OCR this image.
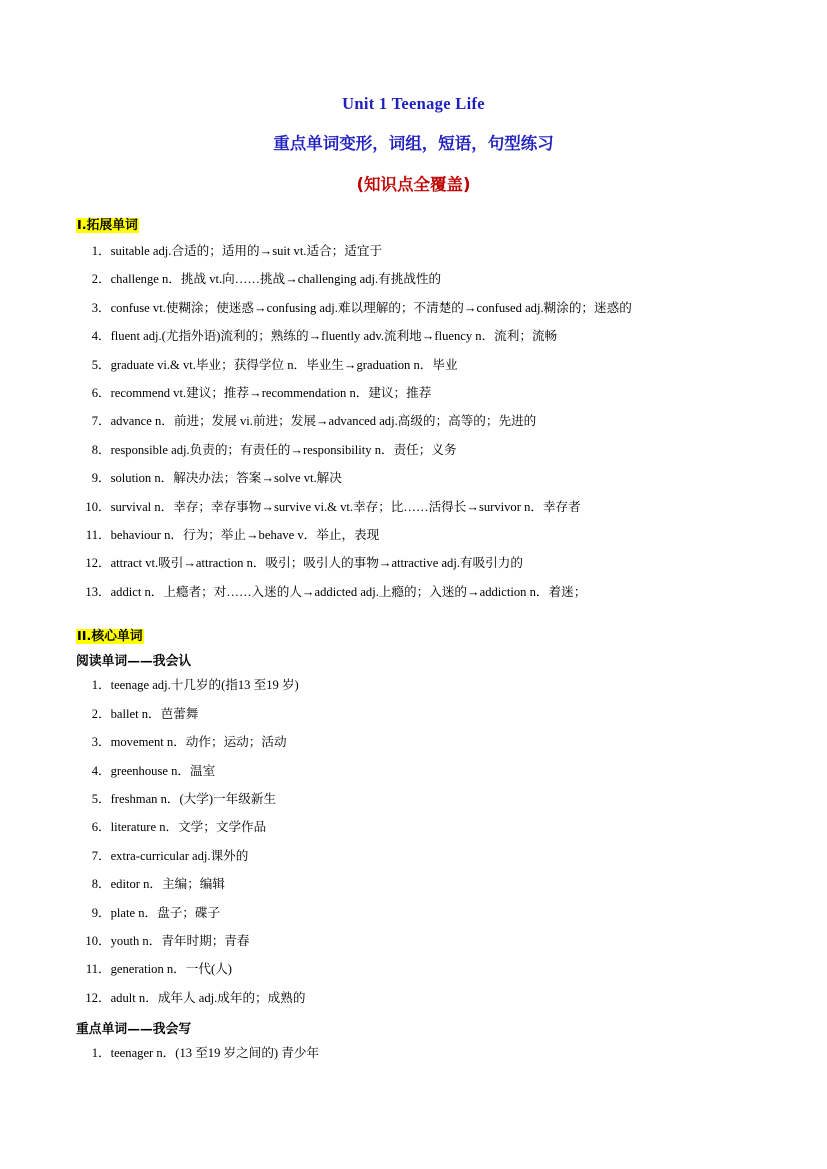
Unit 1 Teenage Life
重点单词变形，词组，短语，句型练习
(知识点全覆盖)
I.拓展单词
1．suitable adj.合适的；适用的→suit vt.适合；适宜于
2．challenge n．挑战 vt.向……挑战→challenging adj.有挑战性的
3．confuse vt.使糊涂；使迷惑→confusing adj.难以理解的；不清楚的→confused adj.糊涂的；迷惑的
4．fluent adj.(尤指外语)流利的；熟练的→fluently adv.流利地→fluency n．流利；流畅
5．graduate vi.& vt.毕业；获得学位 n．毕业生→graduation n．毕业
6．recommend vt.建议；推荐→recommendation n．建议；推荐
7．advance n．前进；发展 vi.前进；发展→advanced adj.高级的；高等的；先进的
8．responsible adj.负责的；有责任的→responsibility n．责任；义务
9．solution n．解决办法；答案→solve vt.解决
10．survival n．幸存；幸存事物→survive vi.& vt.幸存；比……活得长→survivor n．幸存者
11．behaviour n．行为；举止→behave v．举止，表现
12．attract vt.吸引→attraction n．吸引；吸引人的事物→attractive adj.有吸引力的
13．addict n．上瘾者；对……入迷的人→addicted adj.上瘾的；入迷的→addiction n．着迷；
II.核心单词
阅读单词——我会认
1．teenage adj.十几岁的(指13 至19 岁)
2．ballet n．芭蕾舞
3．movement n．动作；运动；活动
4．greenhouse n．温室
5．freshman n．(大学)一年级新生
6．literature n．文学；文学作品
7．extra-curricular adj.课外的
8．editor n．主编；编辑
9．plate n．盘子；碟子
10．youth n．青年时期；青春
11．generation n．一代(人)
12．adult n．成年人 adj.成年的；成熟的
重点单词——我会写
1．teenager n．(13 至19 岁之间的) 青少年
